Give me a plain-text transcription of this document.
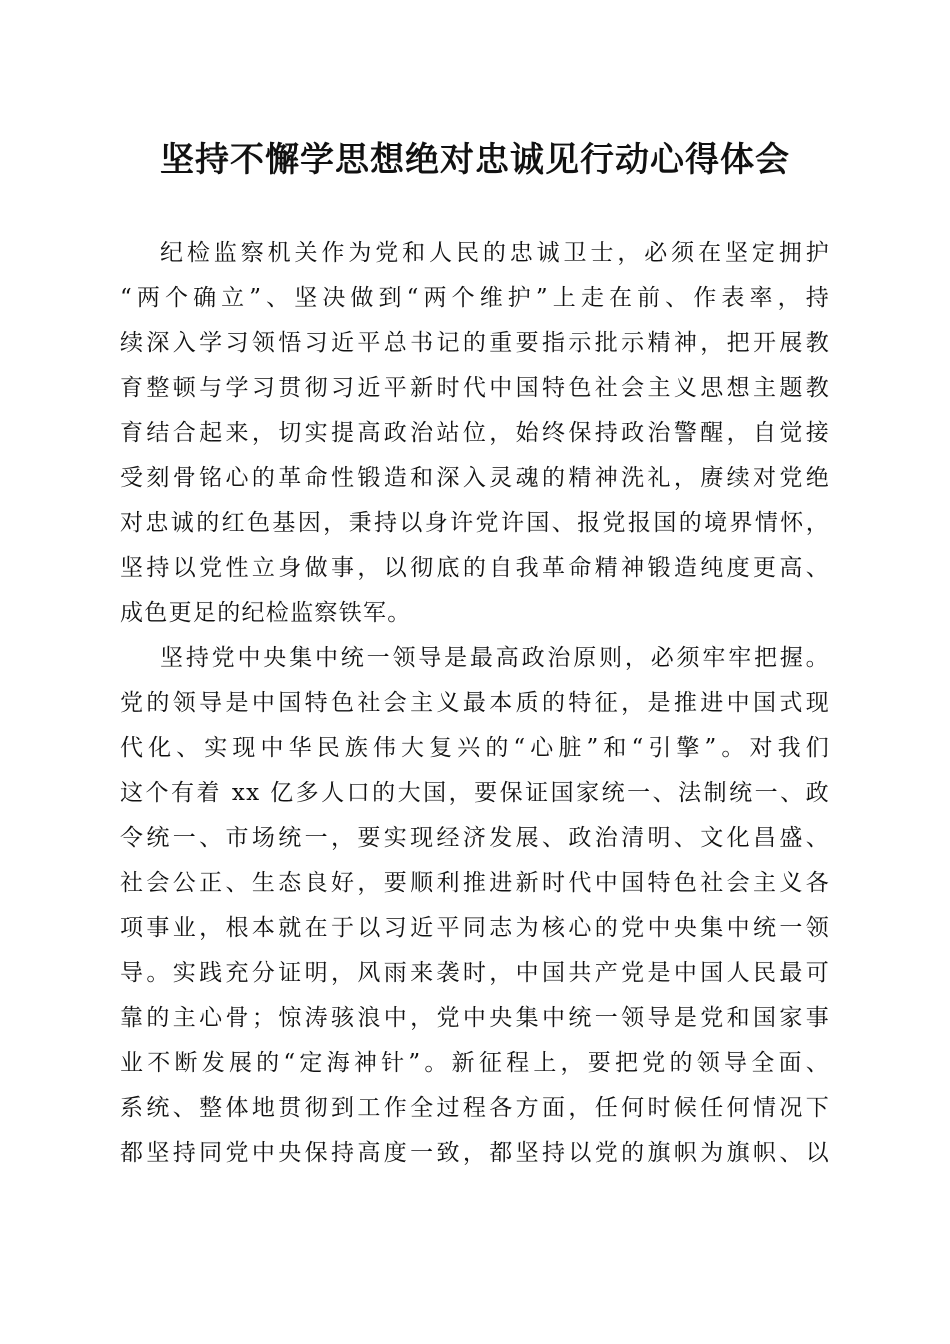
坚持不懈学思想绝对忠诚见行动心得体会
纪检监察机关作为党和人民的忠诚卫士，必须在坚定拥护
“两个确立”、坚决做到“两个维护”上走在前、作表率，持
续深入学习领悟习近平总书记的重要指示批示精神，把开展教
育整顿与学习贯彻习近平新时代中国特色社会主义思想主题教
育结合起来，切实提高政治站位，始终保持政治警醒，自觉接
受刻骨铭心的革命性锻造和深入灵魂的精神洗礼，赓续对党绝
对忠诚的红色基因，秉持以身许党许国、报党报国的境界情怀，
坚持以党性立身做事，以彻底的自我革命精神锻造纯度更高、
成色更足的纪检监察铁军。
坚持党中央集中统一领导是最高政治原则，必须牢牢把握。
党的领导是中国特色社会主义最本质的特征，是推进中国式现
代化、实现中华民族伟大复兴的“心脏”和“引擎”。对我们
这个有着 xx 亿多人口的大国，要保证国家统一、法制统一、政
令统一、市场统一，要实现经济发展、政治清明、文化昌盛、
社会公正、生态良好，要顺利推进新时代中国特色社会主义各
项事业，根本就在于以习近平同志为核心的党中央集中统一领
导。实践充分证明，风雨来袭时，中国共产党是中国人民最可
靠的主心骨；惊涛骇浪中，党中央集中统一领导是党和国家事
业不断发展的“定海神针”。新征程上，要把党的领导全面、
系统、整体地贯彻到工作全过程各方面，任何时候任何情况下
都坚持同党中央保持高度一致，都坚持以党的旗帜为旗帜、以
